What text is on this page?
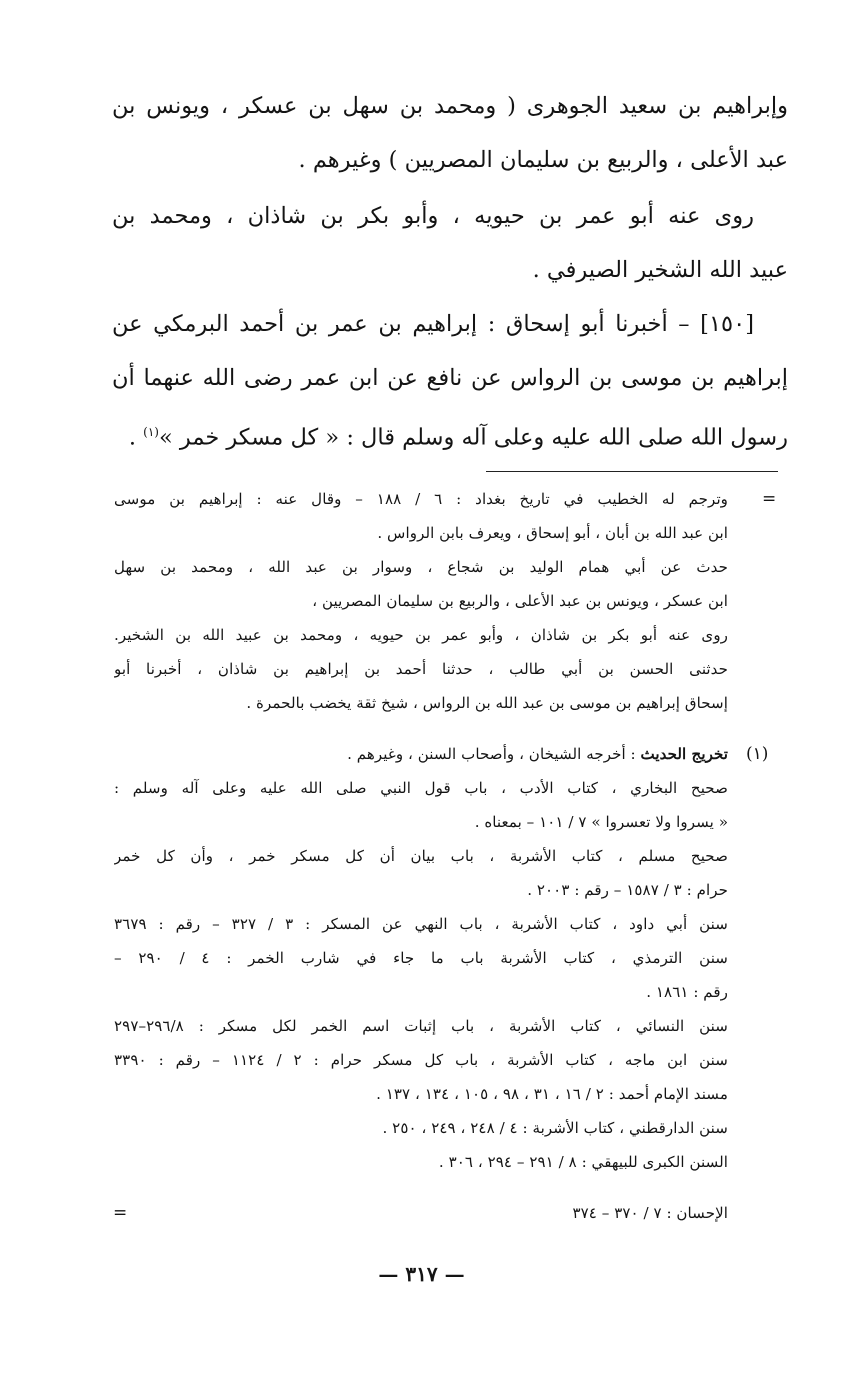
وإبراهيم بن سعيد الجوهرى ( ومحمد بن سهل بن عسكر ، ويونس بن
عبد الأعلى ، والربيع بن سليمان المصريين ) وغيرهم .
روى عنه أبو عمر بن حيويه ، وأبو بكر بن شاذان ، ومحمد بن
عبيد الله الشخير الصيرفي .
[١٥٠] – أخبرنا أبو إسحاق : إبراهيم بن عمر بن أحمد البرمكي عن
إبراهيم بن موسى بن الرواس عن نافع عن ابن عمر رضى الله عنهما أن
رسول الله صلى الله عليه وعلى آله وسلم قال : « كل مسكر خمر »$^{(١)}$ .
=
(١)
=
وترجم له الخطيب في تاريخ بغداد : ٦ / ١٨٨ – وقال عنه : إبراهيم بن موسى
ابن عبد الله بن أبان ، أبو إسحاق ، ويعرف بابن الرواس .
حدث عن أبي همام الوليد بن شجاع ، وسوار بن عبد الله ، ومحمد بن سهل
ابن عسكر ، ويونس بن عبد الأعلى ، والربيع بن سليمان المصريين ،
روى عنه أبو بكر بن شاذان ، وأبو عمر بن حيويه ، ومحمد بن عبيد الله بن الشخير.
حدثنى الحسن بن أبي طالب ، حدثنا أحمد بن إبراهيم بن شاذان ، أخبرنا أبو
إسحاق إبراهيم بن موسى بن عبد الله بن الرواس ، شيخ ثقة يخضب بالحمرة .
تخريج الحديث : أخرجه الشيخان ، وأصحاب السنن ، وغيرهم .
صحيح البخاري ، كتاب الأدب ، باب قول النبي صلى الله عليه وعلى آله وسلم :
« يسروا ولا تعسروا » ٧ / ١٠١ – بمعناه .
صحيح مسلم ، كتاب الأشربة ، باب بيان أن كل مسكر خمر ، وأن كل خمر
حرام : ٣ / ١٥٨٧ – رقم : ٢٠٠٣ .
سنن أبي داود ، كتاب الأشربة ، باب النهي عن المسكر : ٣ / ٣٢٧ – رقم : ٣٦٧٩
سنن الترمذي ، كتاب الأشربة باب ما جاء في شارب الخمر : ٤ / ٢٩٠ –
رقم : ١٨٦١ .
سنن النسائي ، كتاب الأشربة ، باب إثبات اسم الخمر لكل مسكر : ٢٩٦/٨–٢٩٧
سنن ابن ماجه ، كتاب الأشربة ، باب كل مسكر حرام : ٢ / ١١٢٤ – رقم : ٣٣٩٠
مسند الإمام أحمد : ٢ / ١٦ ، ٣١ ، ٩٨ ، ١٠٥ ، ١٣٤ ، ١٣٧ .
سنن الدارقطني ، كتاب الأشربة : ٤ / ٢٤٨ ، ٢٤٩ ، ٢٥٠ .
السنن الكبرى للبيهقي : ٨ / ٢٩١ – ٢٩٤ ، ٣٠٦ .
الإحسان : ٧ / ٣٧٠ – ٣٧٤
— ٣١٧ —
